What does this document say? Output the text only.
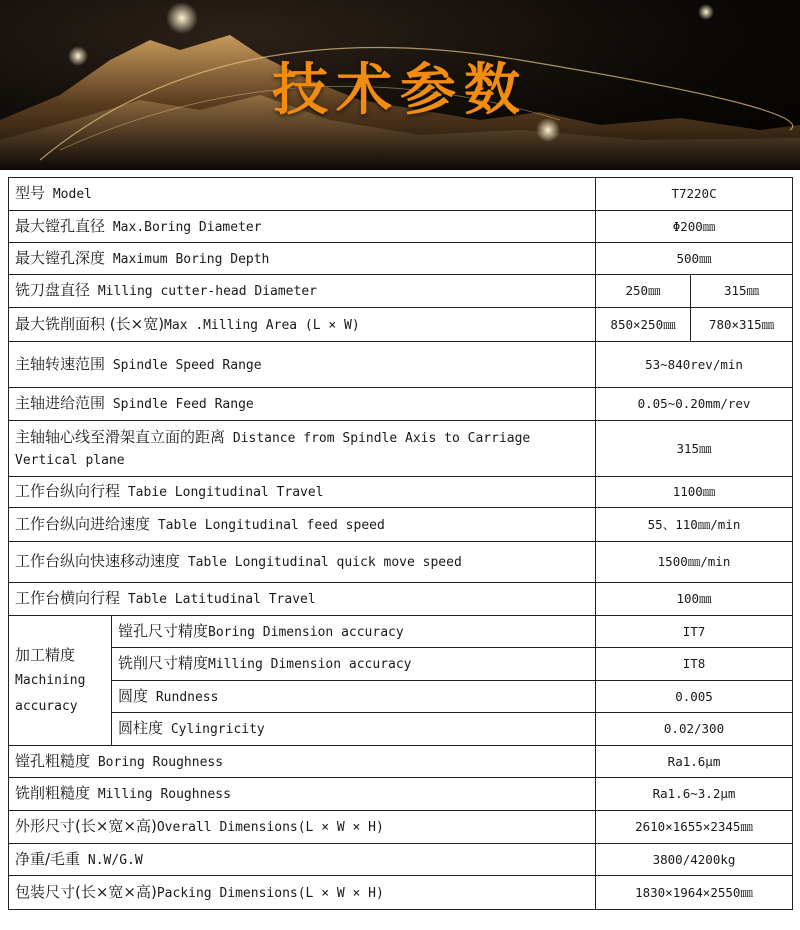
技术参数
型号 Model		T7220C	
最大镗孔直径 Max.Boring Diameter		Φ200㎜	
最大镗孔深度 Maximum Boring Depth		500㎜	
铣刀盘直径 Milling cutter-head Diameter		250㎜	315㎜
最大铣削面积 (长×宽)Max .Milling Area (L × W)		850×250㎜	780×315㎜
主轴转速范围 Spindle Speed Range		53~840rev/min	
主轴进给范围 Spindle Feed Range		0.05~0.20mm/rev	
主轴轴心线至滑架直立面的距离 Distance from Spindle Axis to Carriage Vertical plane		315㎜	
工作台纵向行程 Tabie Longitudinal Travel		1100㎜	
工作台纵向进给速度 Table Longitudinal feed speed		55、110㎜/min	
工作台纵向快速移动速度 Table Longitudinal quick move speed		1500㎜/min	
工作台横向行程 Table Latitudinal Travel		100㎜	

加工精度
Machining accuracy	镗孔尺寸精度Boring Dimension accuracy	IT7	
	铣削尺寸精度Milling Dimension accuracy	IT8	
	圆度 Rundness	0.005	
	圆柱度 Cylingricity	0.02/300	
镗孔粗糙度 Boring Roughness		Ra1.6μm	
铣削粗糙度 Milling Roughness		Ra1.6~3.2μm	
外形尺寸(长×宽×高)Overall Dimensions(L × W × H)		2610×1655×2345㎜	
净重/毛重 N.W/G.W		3800/4200kg	
包装尺寸(长×宽×高)Packing Dimensions(L × W × H)		1830×1964×2550㎜	
